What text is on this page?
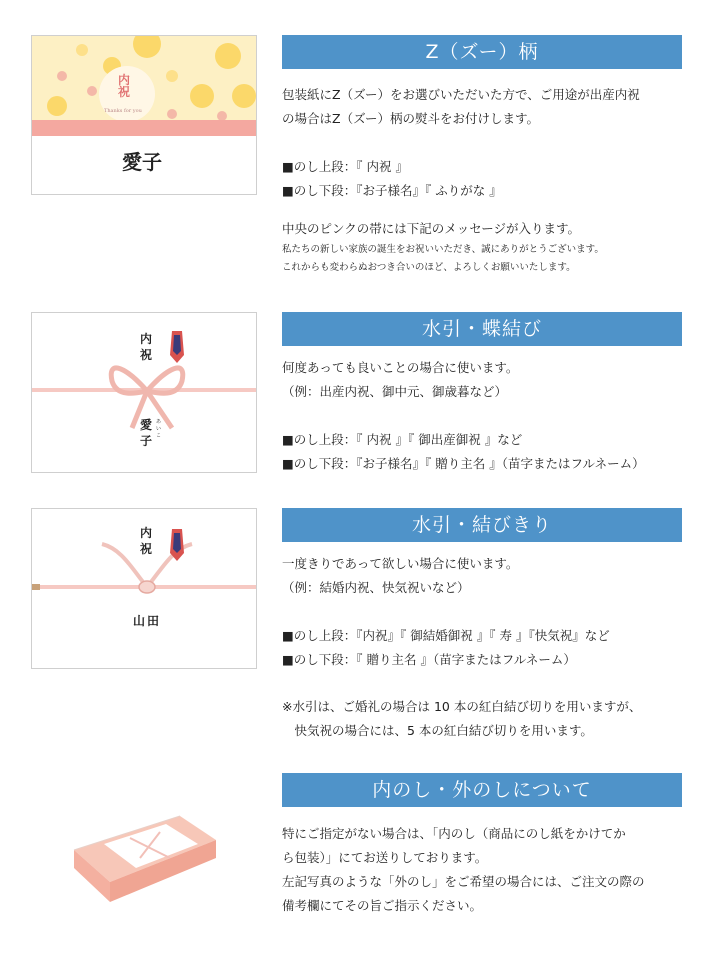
内
祝
Thanks for you
愛子
Z（ズー）柄

包装紙にZ（ズー）をお選びいただいた方で、ご用途が出産内祝

の場合はZ（ズー）柄の熨斗をお付けします。

■のし上段：『 内祝 』

■のし下段：『お子様名』『 ふりがな 』

中央のピンクの帯には下記のメッセージが入ります。

私たちの新しい家族の誕生をお祝いいただき、誠にありがとうございます。

これからも変わらぬおつき合いのほど、よろしくお願いいたします。

内祝
愛子
あいこ
水引・蝶結び

何度あっても良いことの場合に使います。

（例：出産内祝、御中元、御歳暮など）

■のし上段：『 内祝 』『 御出産御祝 』など

■のし下段：『お子様名』『 贈り主名 』（苗字またはフルネーム）

内祝
山田
水引・結びきり

一度きりであって欲しい場合に使います。

（例：結婚内祝、快気祝いなど）

■のし上段：『内祝』『 御結婚御祝 』『 寿 』『快気祝』など

■のし下段：『 贈り主名 』（苗字またはフルネーム）

※水引は、ご婚礼の場合は 10 本の紅白結び切りを用いますが、

　快気祝の場合には、5 本の紅白結び切りを用います。

内のし・外のしについて

特にご指定がない場合は、「内のし（商品にのし紙をかけてか

ら包装）」にてお送りしております。

左記写真のような「外のし」をご希望の場合には、ご注文の際の

備考欄にてその旨ご指示ください。
